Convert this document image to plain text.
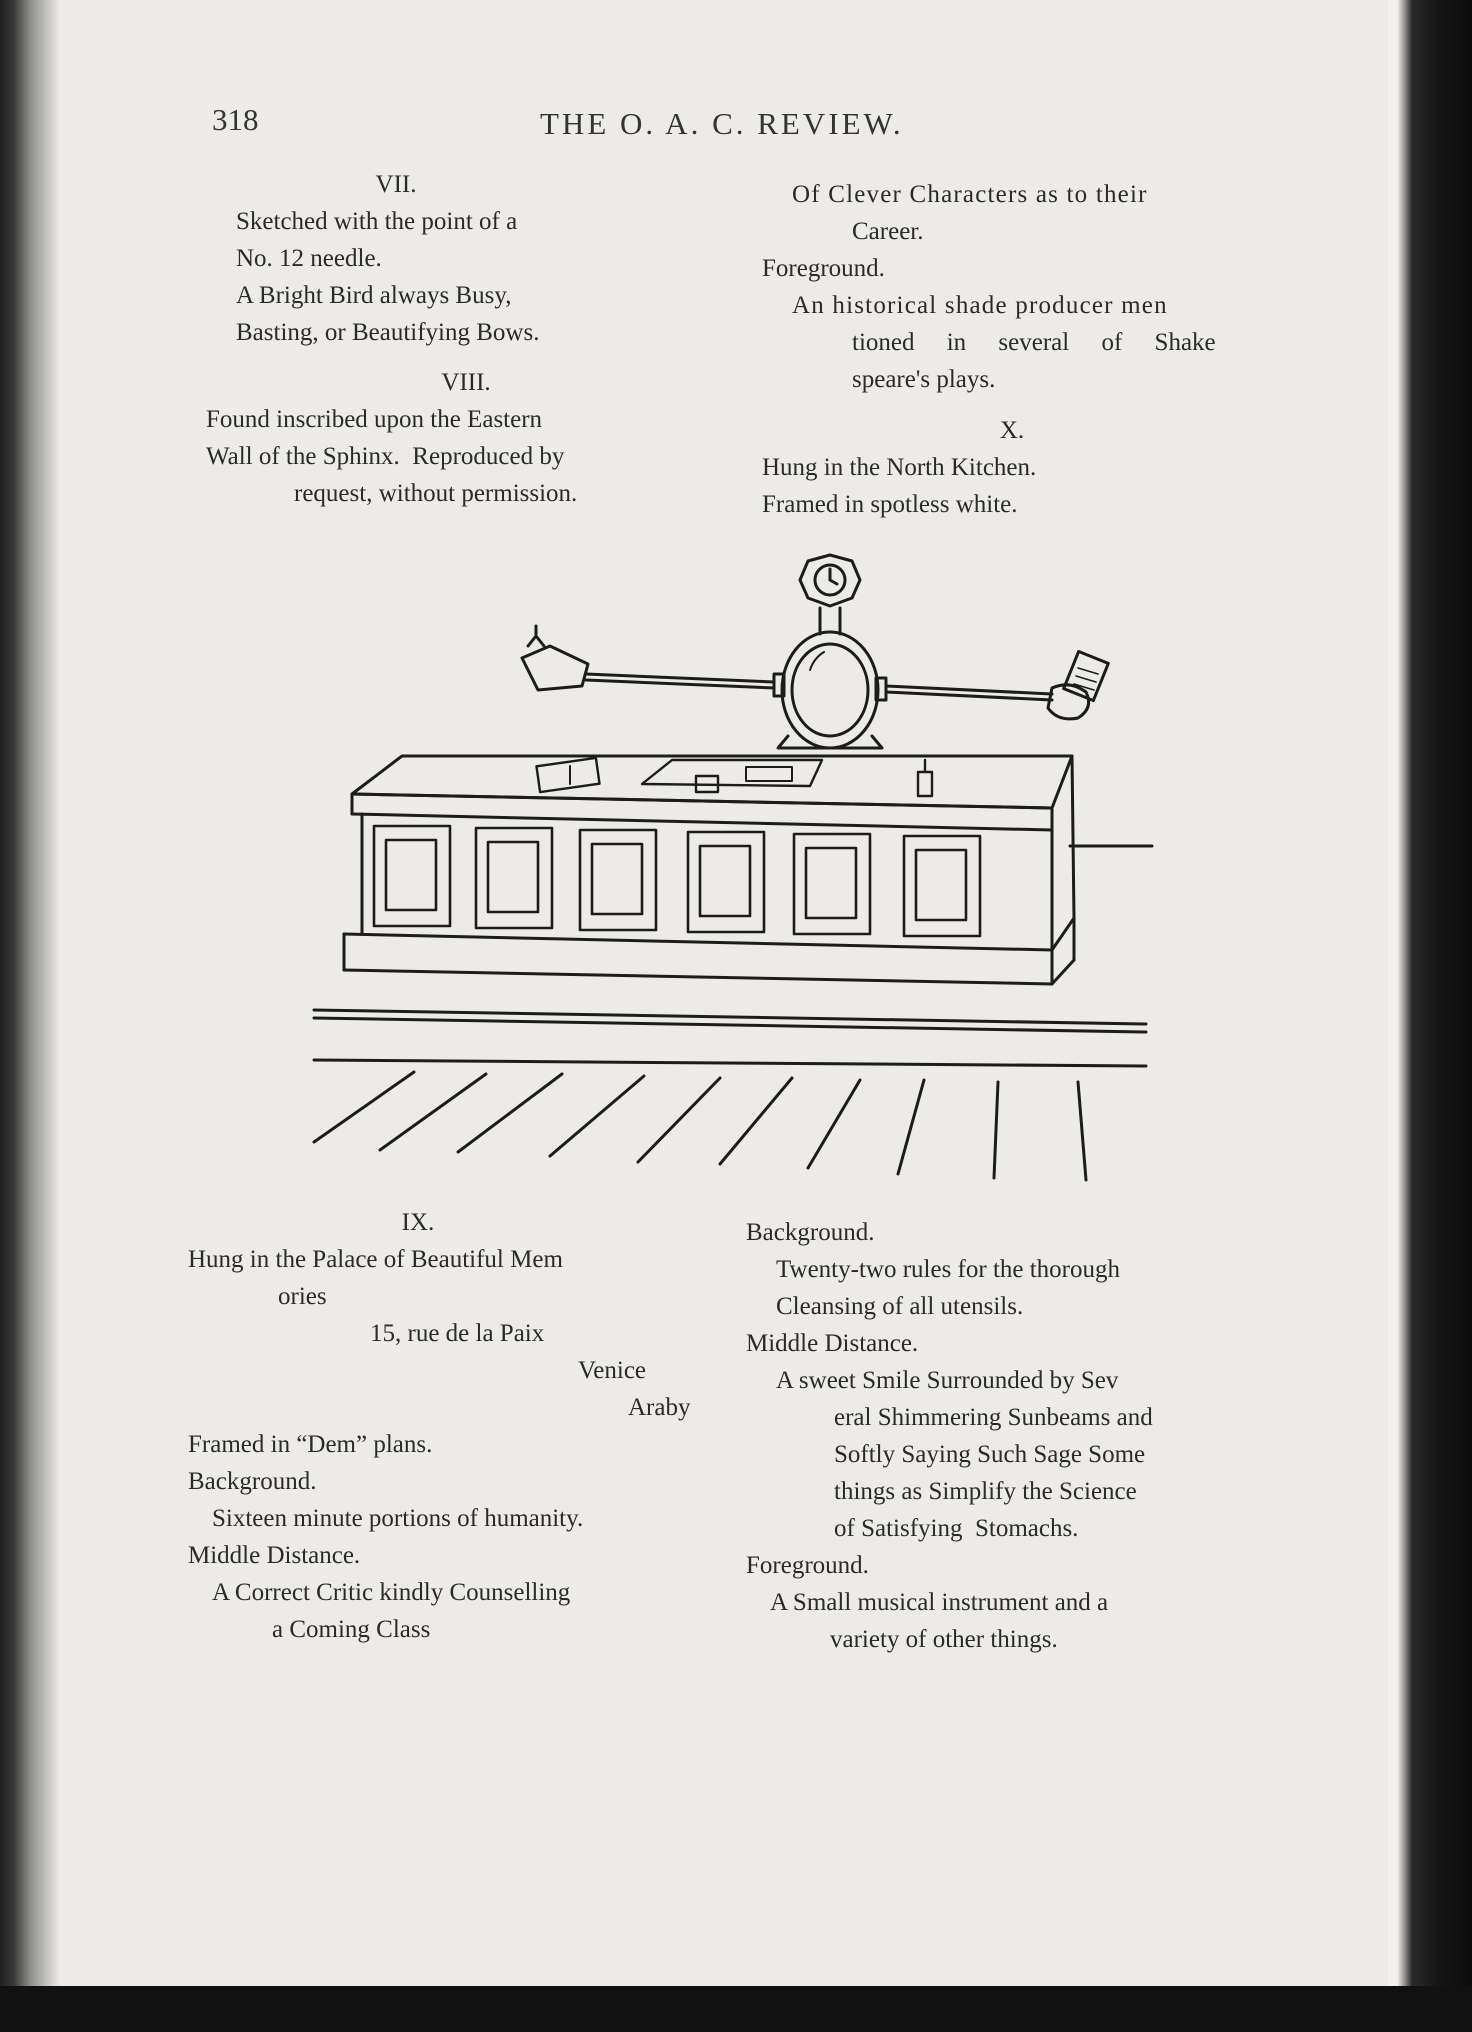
318	THE O. A. C. REVIEW.
VII.
Sketched with the point of a
No. 12 needle.
A Bright Bird always Busy,
Basting, or Beautifying Bows.
VIII.
Found inscribed upon the Eastern
Wall of the Sphinx.  Reproduced by
request, without permission.
Of Clever Characters as to their
Career.
Foreground.
An historical shade producer men
tioned in several of Shake
speare's plays.
X.
Hung in the North Kitchen.
Framed in spotless white.
IX.
Hung in the Palace of Beautiful Mem
ories
15, rue de la Paix
Venice
Araby
Framed in “Dem” plans.
Background.
Sixteen minute portions of humanity.
Middle Distance.
A Correct Critic kindly Counselling
a Coming Class
Background.
Twenty-two rules for the thorough
Cleansing of all utensils.
Middle Distance.
A sweet Smile Surrounded by Sev
eral Shimmering Sunbeams and
Softly Saying Such Sage Some
things as Simplify the Science
of Satisfying  Stomachs.
Foreground.
A Small musical instrument and a
variety of other things.
